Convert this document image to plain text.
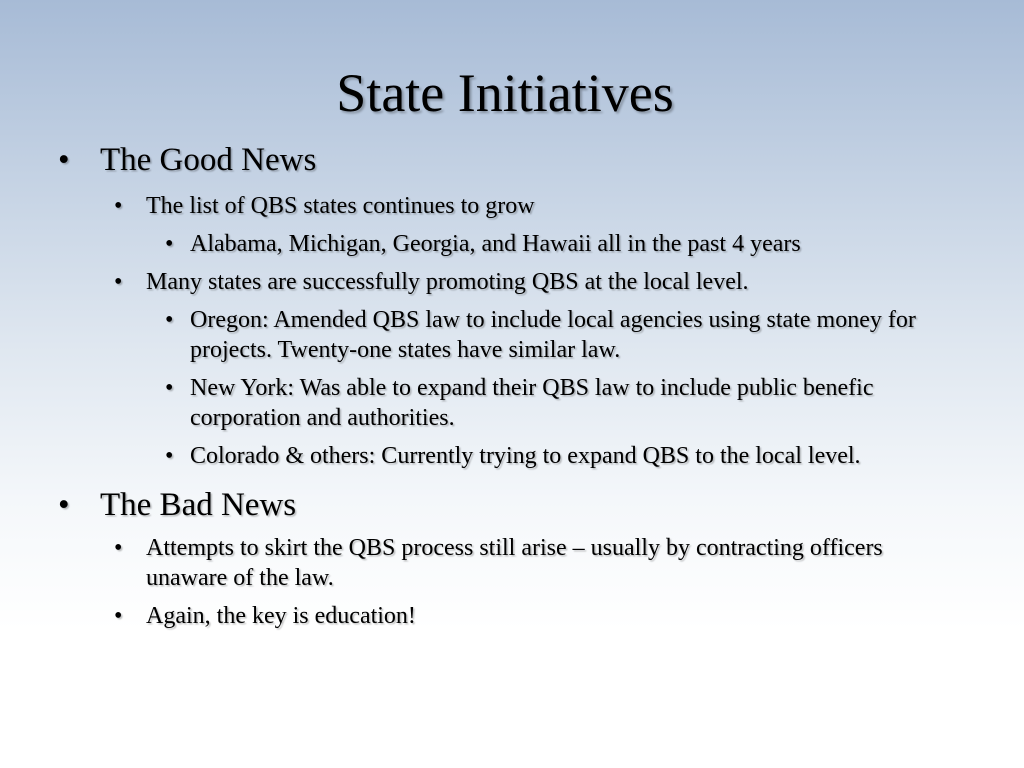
State Initiatives
• The Good News
• The list of QBS states continues to grow
• Alabama, Michigan, Georgia, and Hawaii all in the past 4 years
• Many states are successfully promoting QBS at the local level.
• Oregon: Amended QBS law to include local agencies using state money for projects. Twenty-one states have similar law.
• New York: Was able to expand their QBS law to include public benefic corporation and authorities.
• Colorado & others: Currently trying to expand QBS to the local level.
• The Bad News
• Attempts to skirt the QBS process still arise – usually by contracting officers unaware of the law.
• Again, the key is education!
